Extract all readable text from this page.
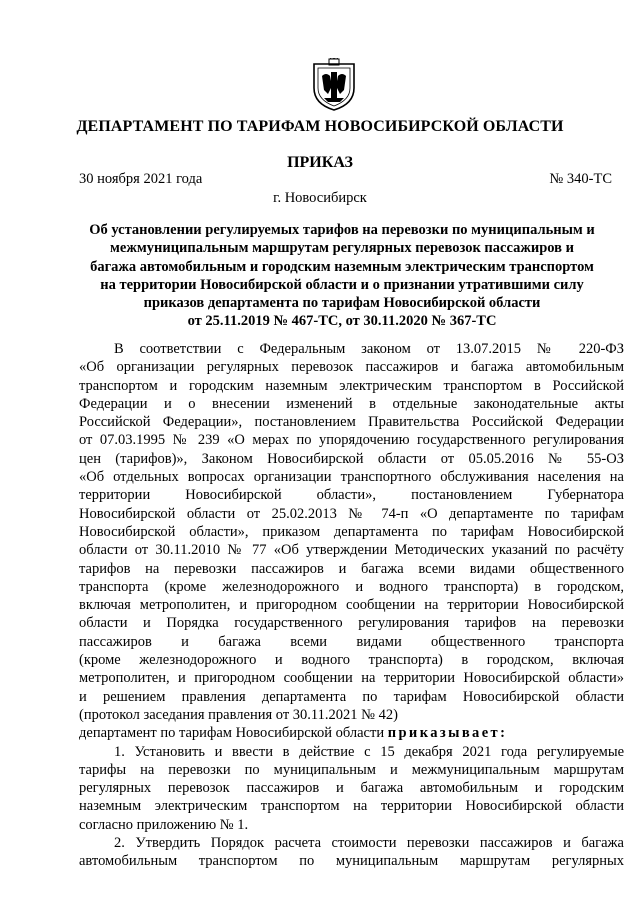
ДЕПАРТАМЕНТ ПО ТАРИФАМ НОВОСИБИРСКОЙ ОБЛАСТИ
ПРИКАЗ
30 ноября 2021 года	№ 340-ТС
г. Новосибирск
Об установлении регулируемых тарифов на перевозки по муниципальным и
межмуниципальным маршрутам регулярных перевозок пассажиров и
багажа автомобильным и городским наземным электрическим транспортом
на территории Новосибирской области и о признании утратившими силу
приказов департамента по тарифам Новосибирской области
от 25.11.2019 № 467-ТС, от 30.11.2020 № 367-ТС
В соответствии с Федеральным законом от 13.07.2015 № 220-ФЗ
«Об организации регулярных перевозок пассажиров и багажа автомобильным
транспортом и городским наземным электрическим транспортом в Российской
Федерации и о внесении изменений в отдельные законодательные акты
Российской Федерации», постановлением Правительства Российской Федерации
от 07.03.1995 № 239 «О мерах по упорядочению государственного регулирования
цен (тарифов)», Законом Новосибирской области от 05.05.2016 № 55-ОЗ
«Об отдельных вопросах организации транспортного обслуживания населения на
территории Новосибирской области», постановлением Губернатора
Новосибирской области от 25.02.2013 № 74-п «О департаменте по тарифам
Новосибирской области», приказом департамента по тарифам Новосибирской
области от 30.11.2010 № 77 «Об утверждении Методических указаний по расчёту
тарифов на перевозки пассажиров и багажа всеми видами общественного
транспорта (кроме железнодорожного и водного транспорта) в городском,
включая метрополитен, и пригородном сообщении на территории Новосибирской
области и Порядка государственного регулирования тарифов на перевозки
пассажиров и багажа всеми видами общественного транспорта
(кроме железнодорожного и водного транспорта) в городском, включая
метрополитен, и пригородном сообщении на территории Новосибирской области»
и решением правления департамента по тарифам Новосибирской области
(протокол заседания правления от 30.11.2021 № 42)
департамент по тарифам Новосибирской области приказывает:
1. Установить и ввести в действие с 15 декабря 2021 года регулируемые
тарифы на перевозки по муниципальным и межмуниципальным маршрутам
регулярных перевозок пассажиров и багажа автомобильным и городским
наземным электрическим транспортом на территории Новосибирской области
согласно приложению № 1.
2. Утвердить Порядок расчета стоимости перевозки пассажиров и багажа
автомобильным транспортом по муниципальным маршрутам регулярных
